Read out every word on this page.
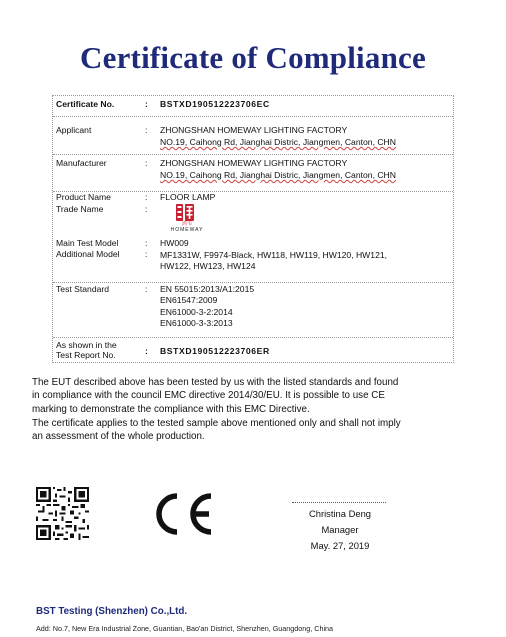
Certificate of Compliance
Certificate No.	: BSTXD190512223706EC
Applicant	: ZHONGSHAN HOMEWAY LIGHTING FACTORY
NO.19, Caihong Rd, Jianghai Distric, Jiangmen, Canton, CHN
Manufacturer	: ZHONGSHAN HOMEWAY LIGHTING FACTORY
NO.19, Caihong Rd, Jianghai Distric, Jiangmen, Canton, CHN
Product Name	: FLOOR LAMP
Trade Name	:
鸿韦
HOMEWAY
Main Test Model	: HW009
Additional Model	: MF1331W, F9974-Black, HW118, HW119, HW120, HW121,
HW122, HW123, HW124
Test Standard	: EN 55015:2013/A1:2015
EN61547:2009
EN61000-3-2:2014
EN61000-3-3:2013
As shown in the
Test Report No.	: BSTXD190512223706ER
The EUT described above has been tested by us with the listed standards and found
in compliance with the council EMC directive 2014/30/EU. It is possible to use CE
marking to demonstrate the compliance with this EMC Directive.
The certificate applies to the tested sample above mentioned only and shall not imply
an assessment of the whole production.
Christina Deng
Manager
May. 27, 2019
BST Testing (Shenzhen) Co.,Ltd.
Add: No.7, New Era Industrial Zone, Guantian, Bao'an District, Shenzhen, Guangdong, China
